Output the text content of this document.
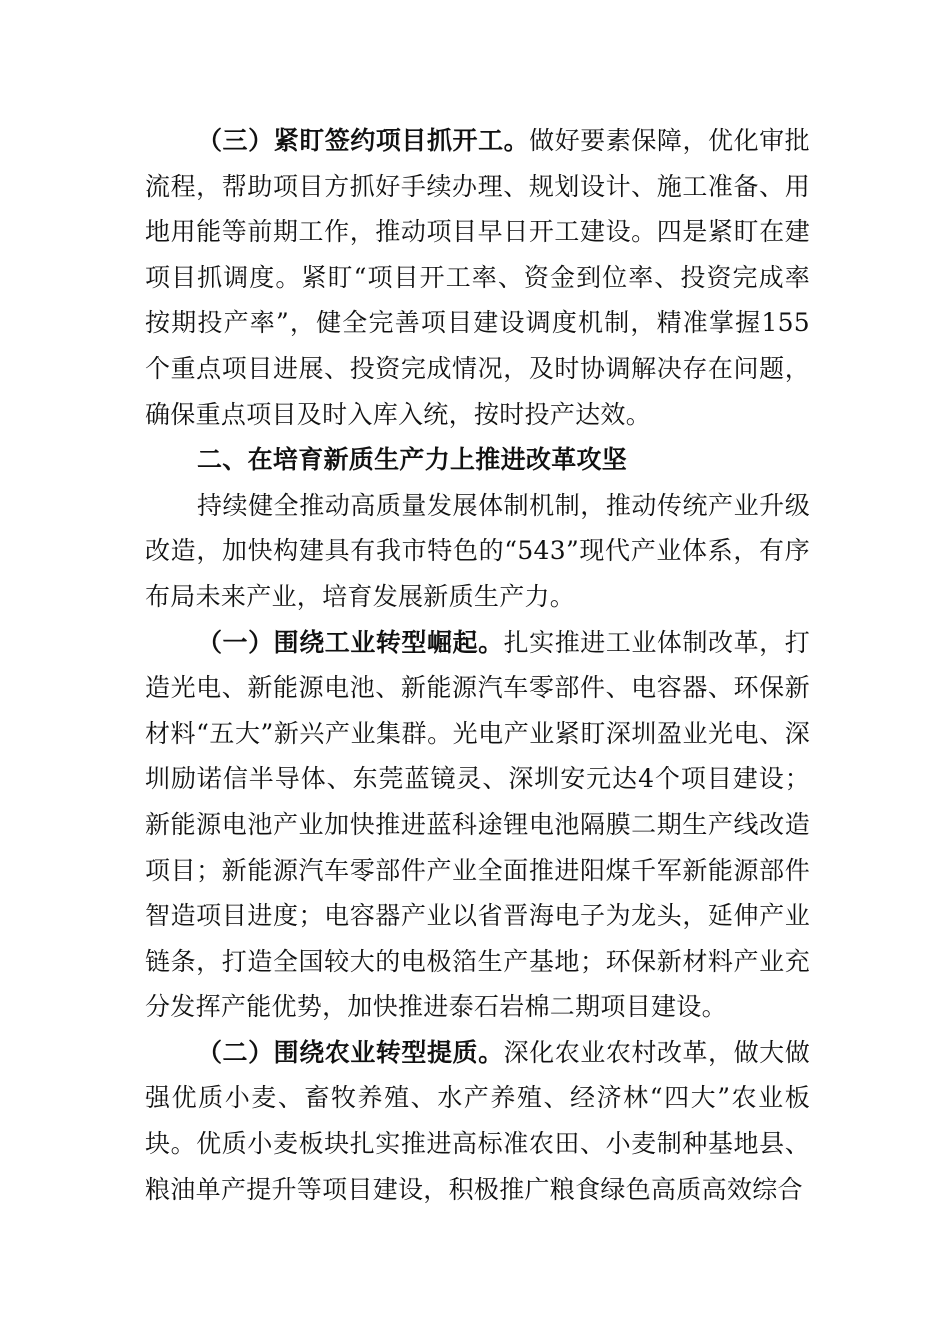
（三）紧盯签约项目抓开工。做好要素保障，优化审批流程，帮助项目方抓好手续办理、规划设计、施工准备、用地用能等前期工作，推动项目早日开工建设。四是紧盯在建项目抓调度。紧盯“项目开工率、资金到位率、投资完成率按期投产率”，健全完善项目建设调度机制，精准掌握155个重点项目进展、投资完成情况，及时协调解决存在问题，确保重点项目及时入库入统，按时投产达效。

二、在培育新质生产力上推进改革攻坚

持续健全推动高质量发展体制机制，推动传统产业升级改造，加快构建具有我市特色的“543”现代产业体系，有序布局未来产业，培育发展新质生产力。

（一）围绕工业转型崛起。扎实推进工业体制改革，打造光电、新能源电池、新能源汽车零部件、电容器、环保新材料“五大”新兴产业集群。光电产业紧盯深圳盈业光电、深圳励诺信半导体、东莞蓝镜灵、深圳安元达4个项目建设；新能源电池产业加快推进蓝科途锂电池隔膜二期生产线改造项目；新能源汽车零部件产业全面推进阳煤千军新能源部件智造项目进度；电容器产业以省晋海电子为龙头，延伸产业链条，打造全国较大的电极箔生产基地；环保新材料产业充分发挥产能优势，加快推进泰石岩棉二期项目建设。

（二）围绕农业转型提质。深化农业农村改革，做大做强优质小麦、畜牧养殖、水产养殖、经济林“四大”农业板块。优质小麦板块扎实推进高标准农田、小麦制种基地县、粮油单产提升等项目建设，积极推广粮食绿色高质高效综合
